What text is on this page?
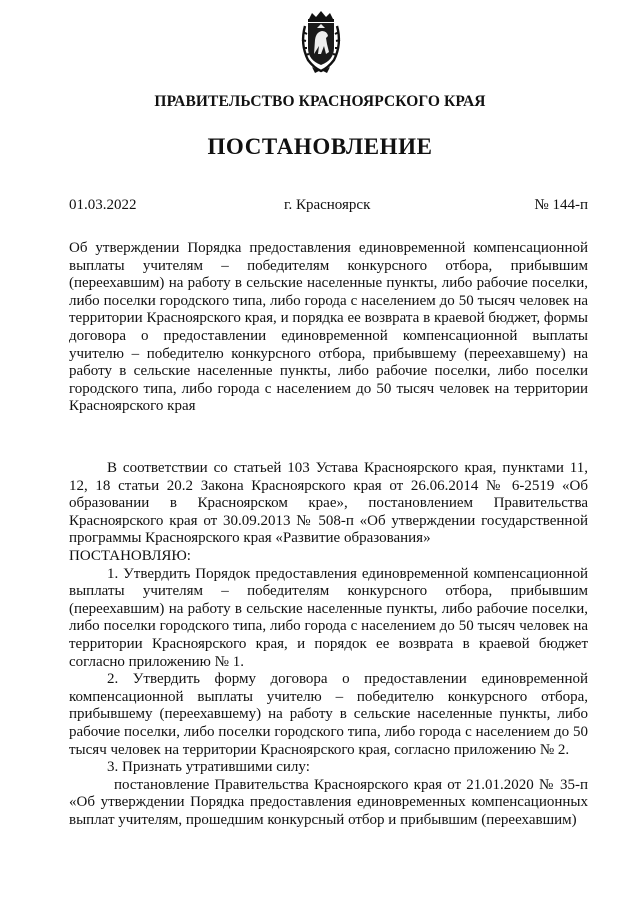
ПРАВИТЕЛЬСТВО КРАСНОЯРСКОГО КРАЯ
ПОСТАНОВЛЕНИЕ
01.03.2022	г. Красноярск	№ 144-п
Об утверждении Порядка предоставления единовременной компенсационной выплаты учителям – победителям конкурсного отбора, прибывшим (переехавшим) на работу в сельские населенные пункты, либо рабочие поселки, либо поселки городского типа, либо города с населением до 50 тысяч человек на территории Красноярского края, и порядка ее возврата в краевой бюджет, формы договора о предоставлении единовременной компенсационной выплаты учителю – победителю конкурсного отбора, прибывшему (переехавшему) на работу в сельские населенные пункты, либо рабочие поселки, либо поселки городского типа, либо города с населением до 50 тысяч человек на территории Красноярского края

В соответствии со статьей 103 Устава Красноярского края, пунктами 11, 12, 18 статьи 20.2 Закона Красноярского края от 26.06.2014 № 6-2519 «Об образовании в Красноярском крае», постановлением Правительства Красноярского края от 30.09.2013 № 508-п «Об утверждении государственной программы Красноярского края «Развитие образования»

ПОСТАНОВЛЯЮ:

1. Утвердить Порядок предоставления единовременной компенсационной выплаты учителям – победителям конкурсного отбора, прибывшим (переехавшим) на работу в сельские населенные пункты, либо рабочие поселки, либо поселки городского типа, либо города с населением до 50 тысяч человек на территории Красноярского края, и порядок ее возврата в краевой бюджет согласно приложению № 1.

2. Утвердить форму договора о предоставлении единовременной компенсационной выплаты учителю – победителю конкурсного отбора, прибывшему (переехавшему) на работу в сельские населенные пункты, либо рабочие поселки, либо поселки городского типа, либо города с населением до 50 тысяч человек на территории Красноярского края, согласно приложению № 2.

3. Признать утратившими силу:

постановление Правительства Красноярского края от 21.01.2020 № 35-п «Об утверждении Порядка предоставления единовременных компенсационных выплат учителям, прошедшим конкурсный отбор и прибывшим (переехавшим)
